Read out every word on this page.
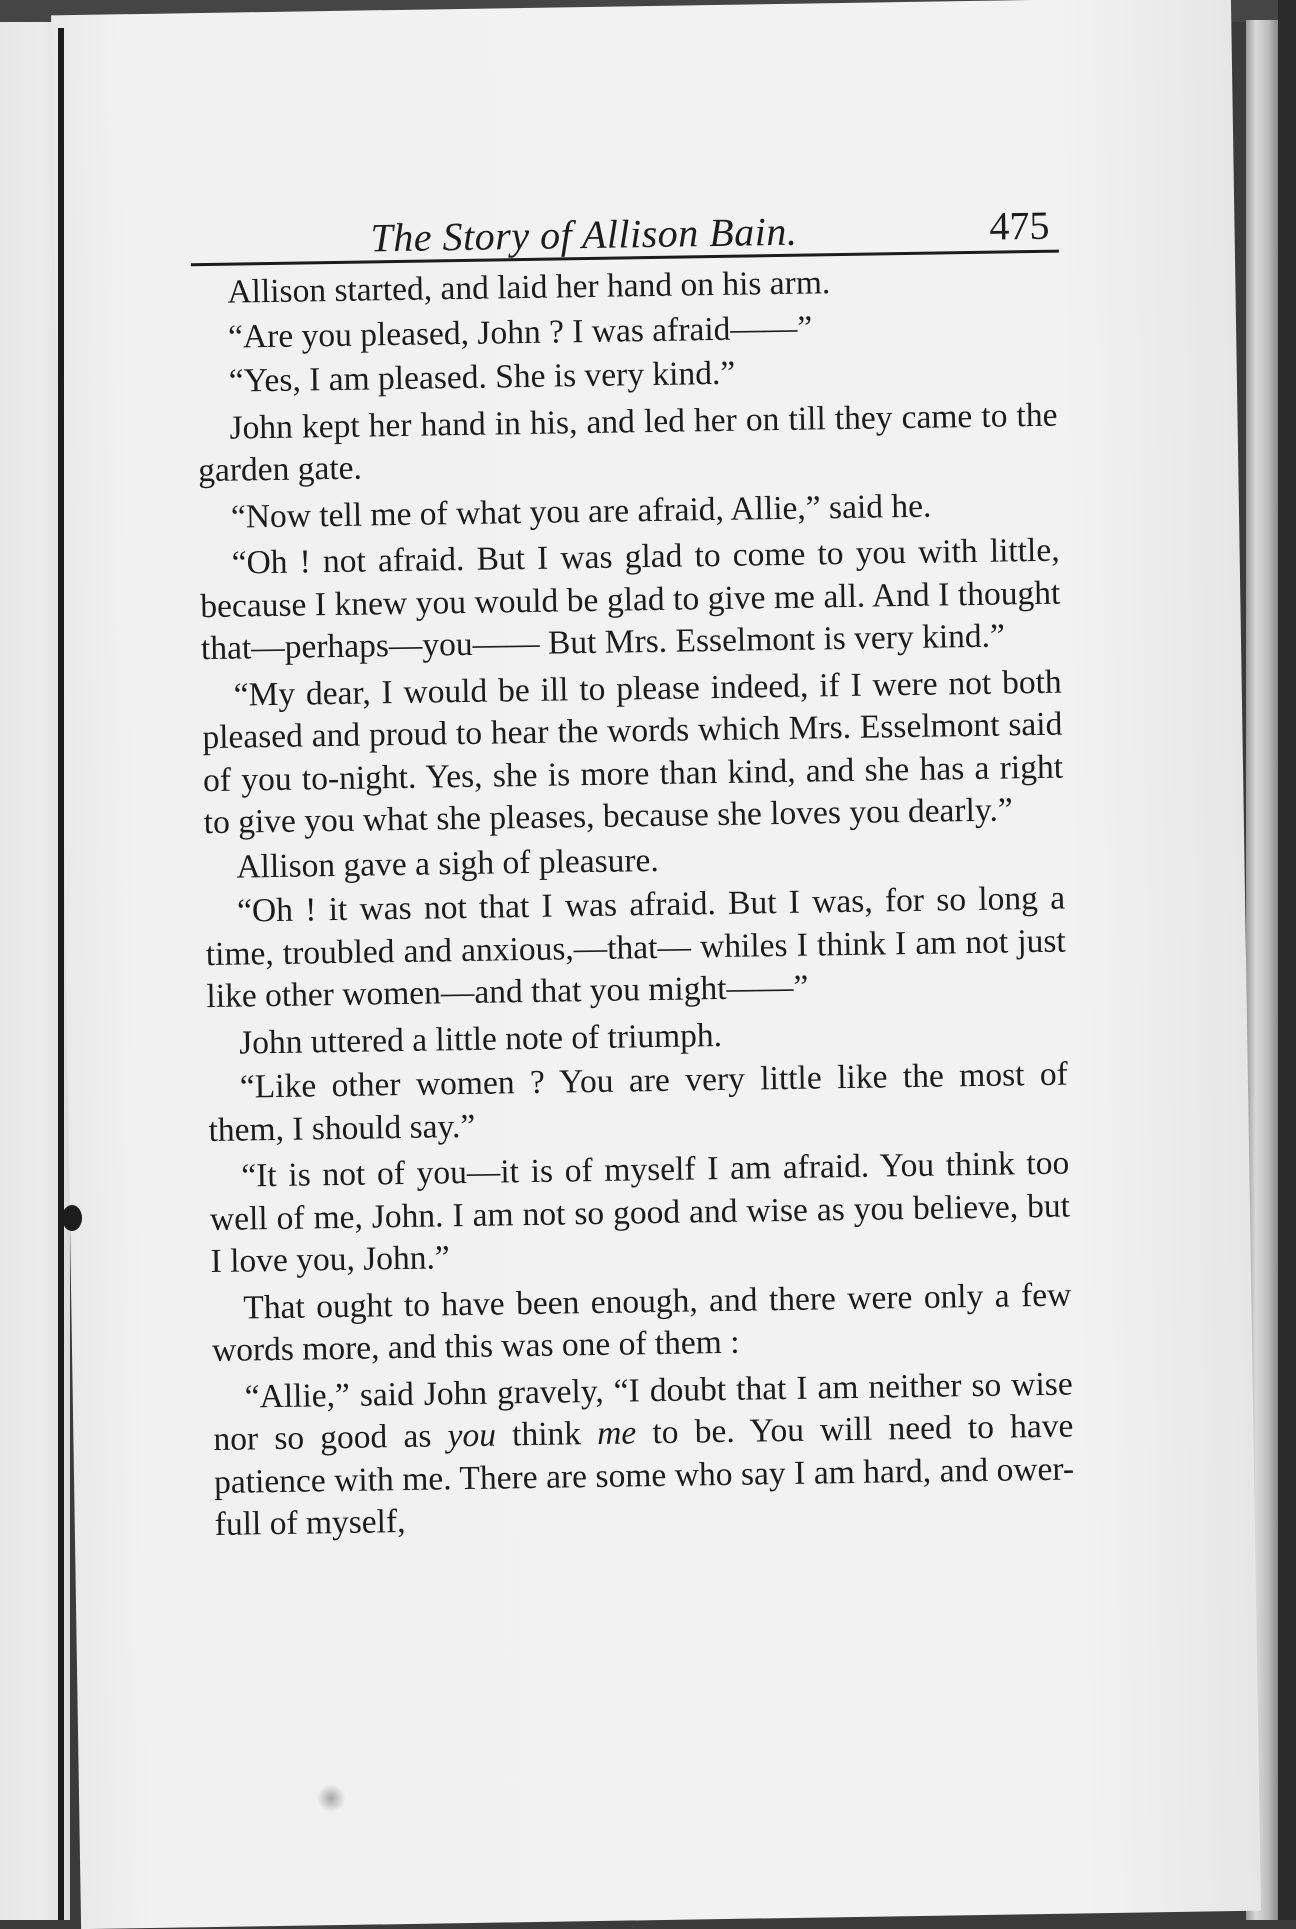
The Story of Allison Bain.	475

Allison started, and laid her hand on his arm.

“Are you pleased, John ? I was afraid——”

“Yes, I am pleased. She is very kind.”

John kept her hand in his, and led her on till they came to the garden gate.

“Now tell me of what you are afraid, Allie,” said he.

“Oh ! not afraid. But I was glad to come to you with little, because I knew you would be glad to give me all. And I thought that—perhaps—you—— But Mrs. Esselmont is very kind.”

“My dear, I would be ill to please indeed, if I were not both pleased and proud to hear the words which Mrs. Esselmont said of you to-night. Yes, she is more than kind, and she has a right to give you what she pleases, because she loves you dearly.”

Allison gave a sigh of pleasure.

“Oh ! it was not that I was afraid. But I was, for so long a time, troubled and anxious,—that— whiles I think I am not just like other women—and that you might——”

John uttered a little note of triumph.

“Like other women ? You are very little like the most of them, I should say.”

“It is not of you—it is of myself I am afraid. You think too well of me, John. I am not so good and wise as you believe, but I love you, John.”

That ought to have been enough, and there were only a few words more, and this was one of them :

“Allie,” said John gravely, “I doubt that I am neither so wise nor so good as you think me to be. You will need to have patience with me. There are some who say I am hard, and ower-full of myself,
